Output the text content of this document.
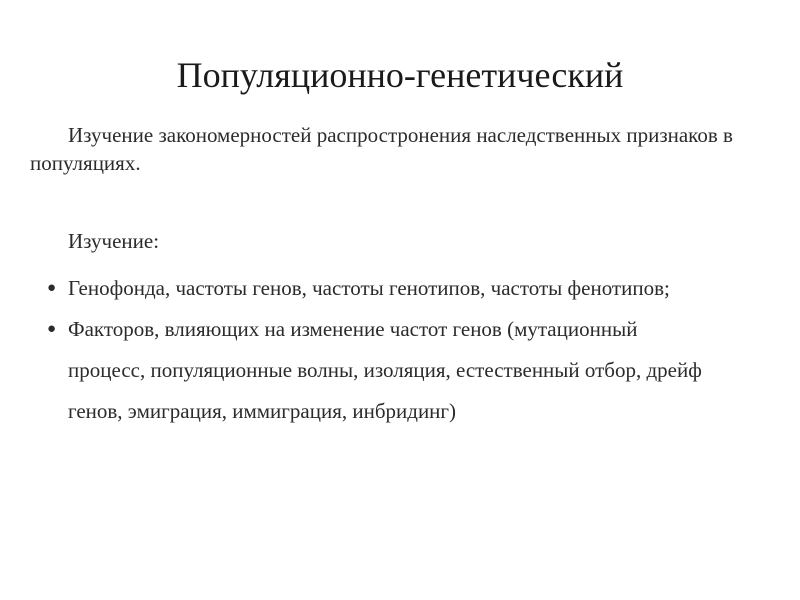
Популяционно-генетический
Изучение закономерностей распростронения наследственных признаков в популяциях.
Изучение:
● Генофонда, частоты генов, частоты генотипов, частоты фенотипов;
● Факторов, влияющих на изменение частот генов (мутационный процесс, популяционные волны, изоляция, естественный отбор, дрейф генов, эмиграция, иммиграция, инбридинг)
